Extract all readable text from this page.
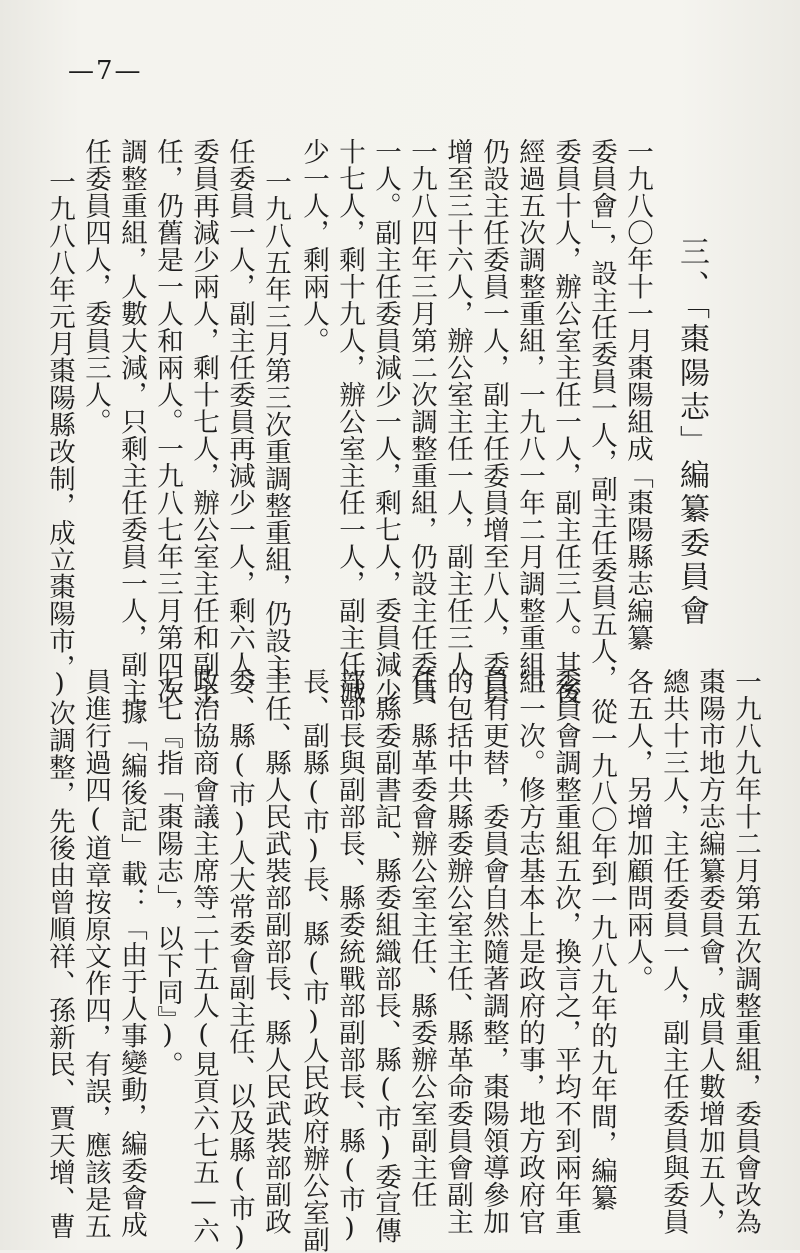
—7—
三、「棗陽志」編纂委員會
一九八〇年十一月棗陽組成「棗陽縣志編纂
委員會」，設主任委員一人，副主任委員五人，
委員十人，辦公室主任一人，副主任三人。其後
經過五次調整重組，一九八一年二月調整重組，
仍設主任委員一人，副主任委員增至八人，委員
增至三十六人，辦公室主任一人，副主任三人。
一九八四年三月第二次調整重組，仍設主任委員
一人。副主任委員減少一人，剩七人，委員減少
十七人，剩十九人，辦公室主任一人，副主任減
少一人，剩兩人。
一九八五年三月第三次重調整重組，仍設主
任委員一人，副主任委員再減少一人，剩六人，
委員再減少兩人，剩十七人，辦公室主任和副主
任，仍舊是一人和兩人。一九八七年三月第四次
調整重組，人數大減，只剩主任委員一人，副主
任委員四人，委員三人。
一九八八年元月棗陽縣改制，成立棗陽市，
一九八九年十二月第五次調整重組，委員會改為
棗陽市地方志編纂委員會，成員人數增加五人，
總共十三人，主任委員一人，副主任委員與委員
各五人，另增加顧問兩人。
從一九八〇年到一九八九年的九年間，編纂
委員會調整重組五次，換言之，平均不到兩年重
組一次。修方志基本上是政府的事，地方政府官
員有更替，委員會自然隨著調整，棗陽領導參加
的包括中共縣委辦公室主任、縣革命委員會副主
任、縣革委會辦公室主任、縣委辦公室副主任
、縣委副書記、縣委組織部長、縣(市)委宣傳
部部長與副部長、縣委統戰部副部長、縣(市)
長、副縣(市)長、縣(市)人民政府辦公室副
主任、縣人民武裝部副部長、縣人民武裝部副政
委、縣(市)人大常委會副主任、以及縣(市)
政治協商會議主席等二十五人(見頁六七五—六
七七『指「棗陽志」，以下同』)。
據「編後記」載：「由于人事變動，編委會成
員進行過四(道章按原文作四，有誤，應該是五
)次調整，先後由曾順祥、孫新民、賈天增、曹
